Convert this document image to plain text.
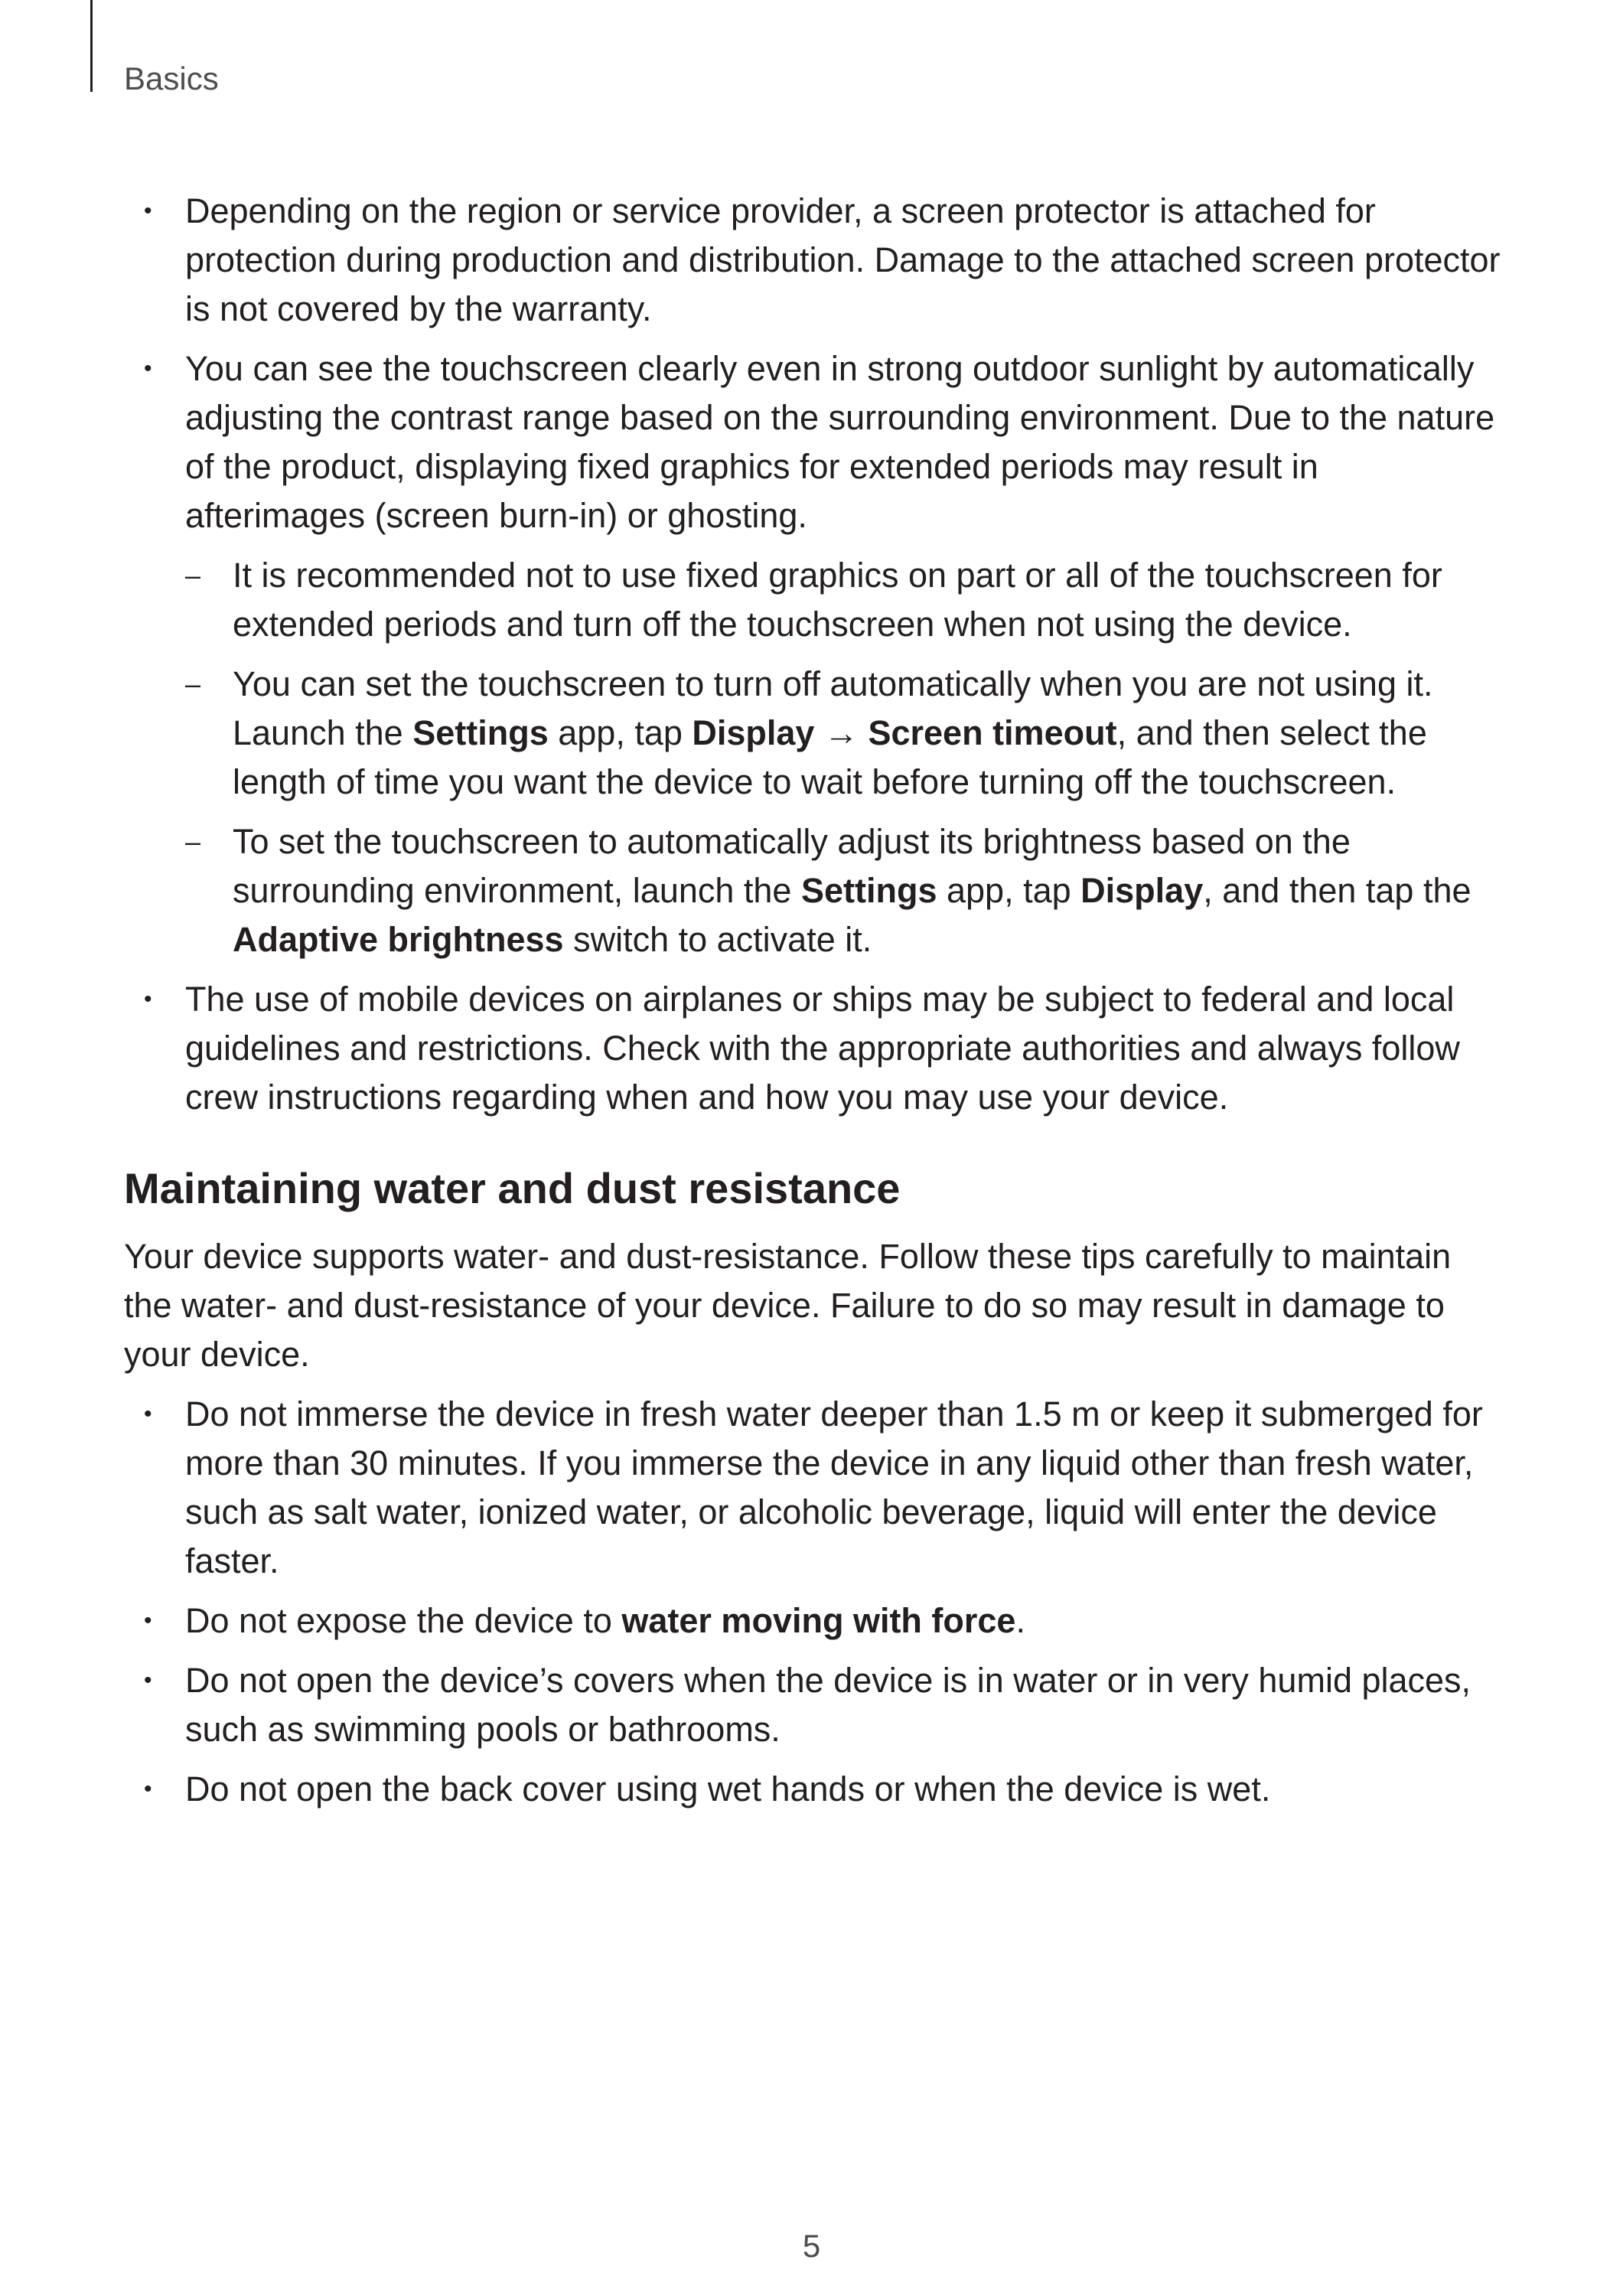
Basics
• Depending on the region or service provider, a screen protector is attached for protection during production and distribution. Damage to the attached screen protector is not covered by the warranty.
• You can see the touchscreen clearly even in strong outdoor sunlight by automatically adjusting the contrast range based on the surrounding environment. Due to the nature of the product, displaying fixed graphics for extended periods may result in afterimages (screen burn-in) or ghosting.
– It is recommended not to use fixed graphics on part or all of the touchscreen for extended periods and turn off the touchscreen when not using the device.
– You can set the touchscreen to turn off automatically when you are not using it. Launch the Settings app, tap Display → Screen timeout, and then select the length of time you want the device to wait before turning off the touchscreen.
– To set the touchscreen to automatically adjust its brightness based on the surrounding environment, launch the Settings app, tap Display, and then tap the Adaptive brightness switch to activate it.
• The use of mobile devices on airplanes or ships may be subject to federal and local guidelines and restrictions. Check with the appropriate authorities and always follow crew instructions regarding when and how you may use your device.
Maintaining water and dust resistance

Your device supports water- and dust-resistance. Follow these tips carefully to maintain the water- and dust-resistance of your device. Failure to do so may result in damage to your device.

• Do not immerse the device in fresh water deeper than 1.5 m or keep it submerged for more than 30 minutes. If you immerse the device in any liquid other than fresh water, such as salt water, ionized water, or alcoholic beverage, liquid will enter the device faster.
• Do not expose the device to water moving with force.
• Do not open the device’s covers when the device is in water or in very humid places, such as swimming pools or bathrooms.
• Do not open the back cover using wet hands or when the device is wet.
5
